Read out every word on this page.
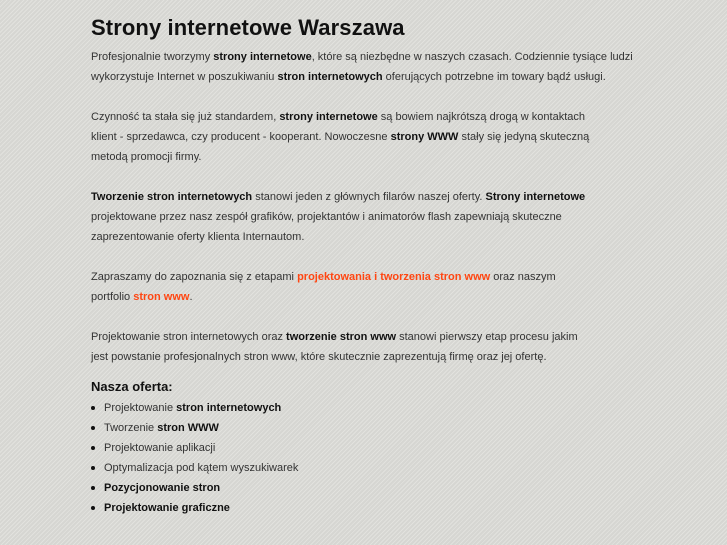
Strony internetowe Warszawa

Profesjonalnie tworzymy strony internetowe, które są niezbędne w naszych czasach. Codziennie tysiące ludzi
wykorzystuje Internet w poszukiwaniu stron internetowych oferujących potrzebne im towary bądź usługi.

Czynność ta stała się już standardem, strony internetowe są bowiem najkrótszą drogą w kontaktach
klient - sprzedawca, czy producent - kooperant. Nowoczesne strony WWW stały się jedyną skuteczną
metodą promocji firmy.

Tworzenie stron internetowych stanowi jeden z głównych filarów naszej oferty. Strony internetowe
projektowane przez nasz zespół grafików, projektantów i animatorów flash zapewniają skuteczne
zaprezentowanie oferty klienta Internautom.

Zapraszamy do zapoznania się z etapami projektowania i tworzenia stron www oraz naszym
portfolio stron www.

Projektowanie stron internetowych oraz tworzenie stron www stanowi pierwszy etap procesu jakim
jest powstanie profesjonalnych stron www, które skutecznie zaprezentują firmę oraz jej ofertę.

Nasza oferta:
Projektowanie stron internetowych
Tworzenie stron WWW
Projektowanie aplikacji
Optymalizacja pod kątem wyszukiwarek
Pozycjonowanie stron
Projektowanie graficzne
